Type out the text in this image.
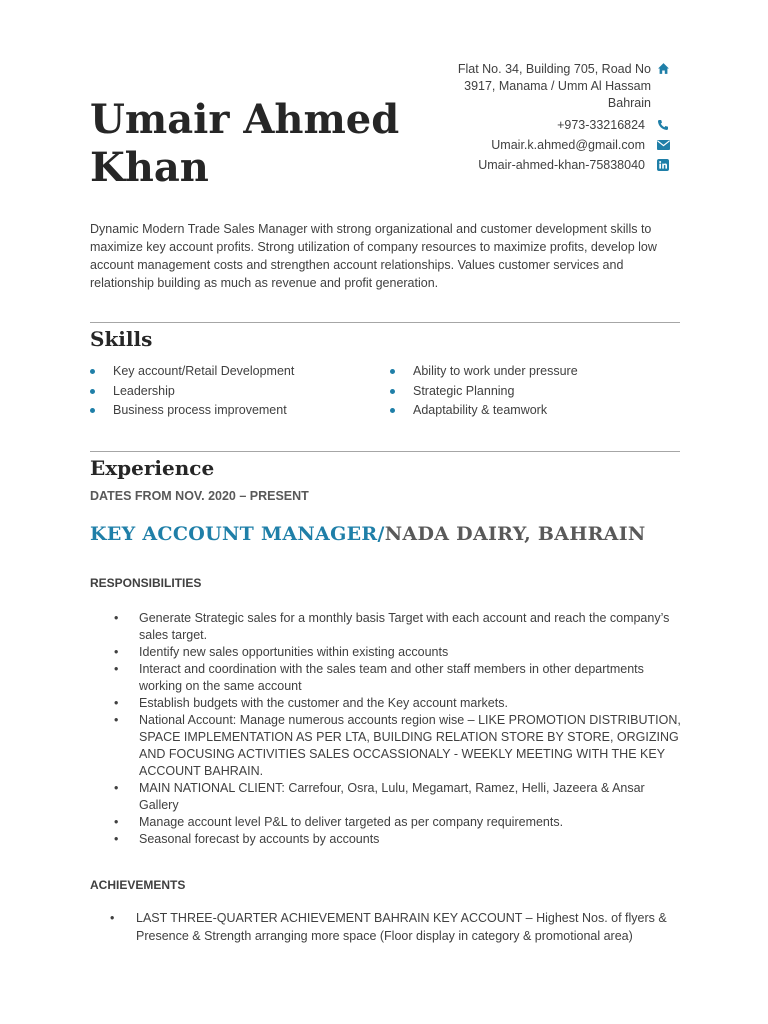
Umair Ahmed
Khan
Flat No. 34, Building 705, Road No
3917, Manama / Umm Al Hassam
Bahrain
+973-33216824
Umair.k.ahmed@gmail.com
Umair-ahmed-khan-75838040

Dynamic Modern Trade Sales Manager with strong organizational and customer development skills to maximize key account profits. Strong utilization of company resources to maximize profits, develop low account management costs and strengthen account relationships. Values customer services and relationship building as much as revenue and profit generation.

Skills
Key account/Retail Development
Leadership
Business process improvement
Ability to work under pressure
Strategic Planning
Adaptability & teamwork
Experience

DATES FROM NOV. 2020 – PRESENT

KEY ACCOUNT MANAGER/NADA DAIRY, BAHRAIN

RESPONSIBILITIES

• Generate Strategic sales for a monthly basis Target with each account and reach the company’s sales target.
• Identify new sales opportunities within existing accounts
• Interact and coordination with the sales team and other staff members in other departments working on the same account
• Establish budgets with the customer and the Key account markets.
• National Account: Manage numerous accounts region wise – LIKE PROMOTION DISTRIBUTION, SPACE IMPLEMENTATION AS PER LTA, BUILDING RELATION STORE BY STORE, ORGIZING AND FOCUSING ACTIVITIES SALES OCCASSIONALY - WEEKLY MEETING WITH THE KEY ACCOUNT BAHRAIN.
• MAIN NATIONAL CLIENT: Carrefour, Osra, Lulu, Megamart, Ramez, Helli, Jazeera & Ansar Gallery
• Manage account level P&L to deliver targeted as per company requirements.
• Seasonal forecast by accounts by accounts

ACHIEVEMENTS

• LAST THREE-QUARTER ACHIEVEMENT BAHRAIN KEY ACCOUNT – Highest Nos. of flyers & Presence & Strength arranging more space (Floor display in category & promotional area)
